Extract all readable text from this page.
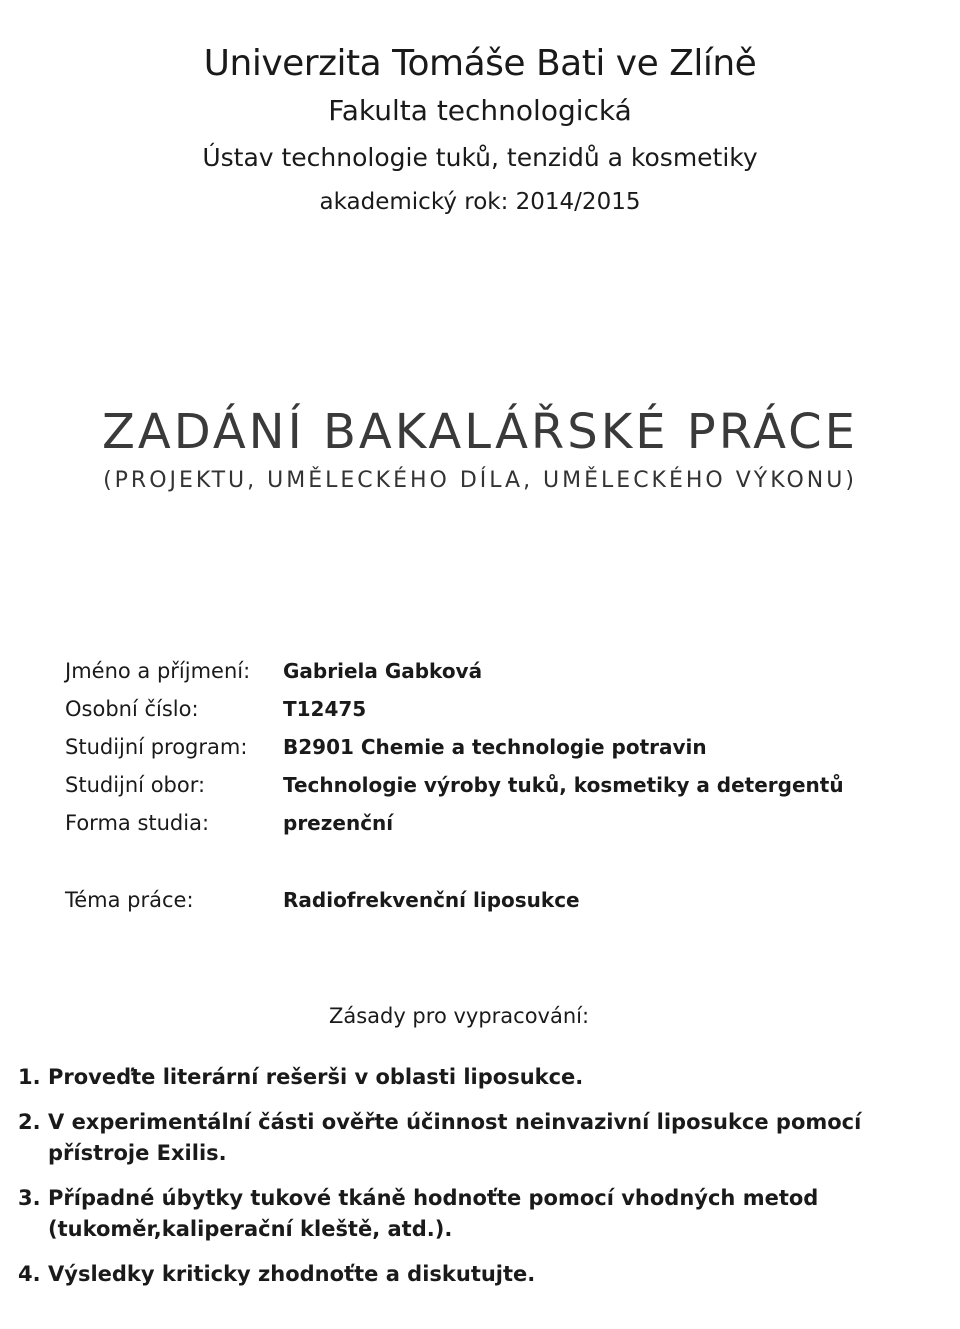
Univerzita Tomáše Bati ve Zlíně
Fakulta technologická
Ústav technologie tuků, tenzidů a kosmetiky
akademický rok: 2014/2015
ZADÁNÍ BAKALÁŘSKÉ PRÁCE
(PROJEKTU, UMĚLECKÉHO DÍLA, UMĚLECKÉHO VÝKONU)
Jméno a příjmení:	Gabriela Gabková
Osobní číslo:	T12475
Studijní program:	B2901 Chemie a technologie potravin
Studijní obor:	Technologie výroby tuků, kosmetiky a detergentů
Forma studia:	prezenční
Téma práce:	Radiofrekvenční liposukce
Zásady pro vypracování:
1. Proveďte literární rešerši v oblasti liposukce.
2. V experimentální části ověřte účinnost neinvazivní liposukce pomocí přístroje Exilis.
3. Případné úbytky tukové tkáně hodnoťte pomocí vhodných metod (tukoměr,kaliperační kleště, atd.).
4. Výsledky kriticky zhodnoťte a diskutujte.
